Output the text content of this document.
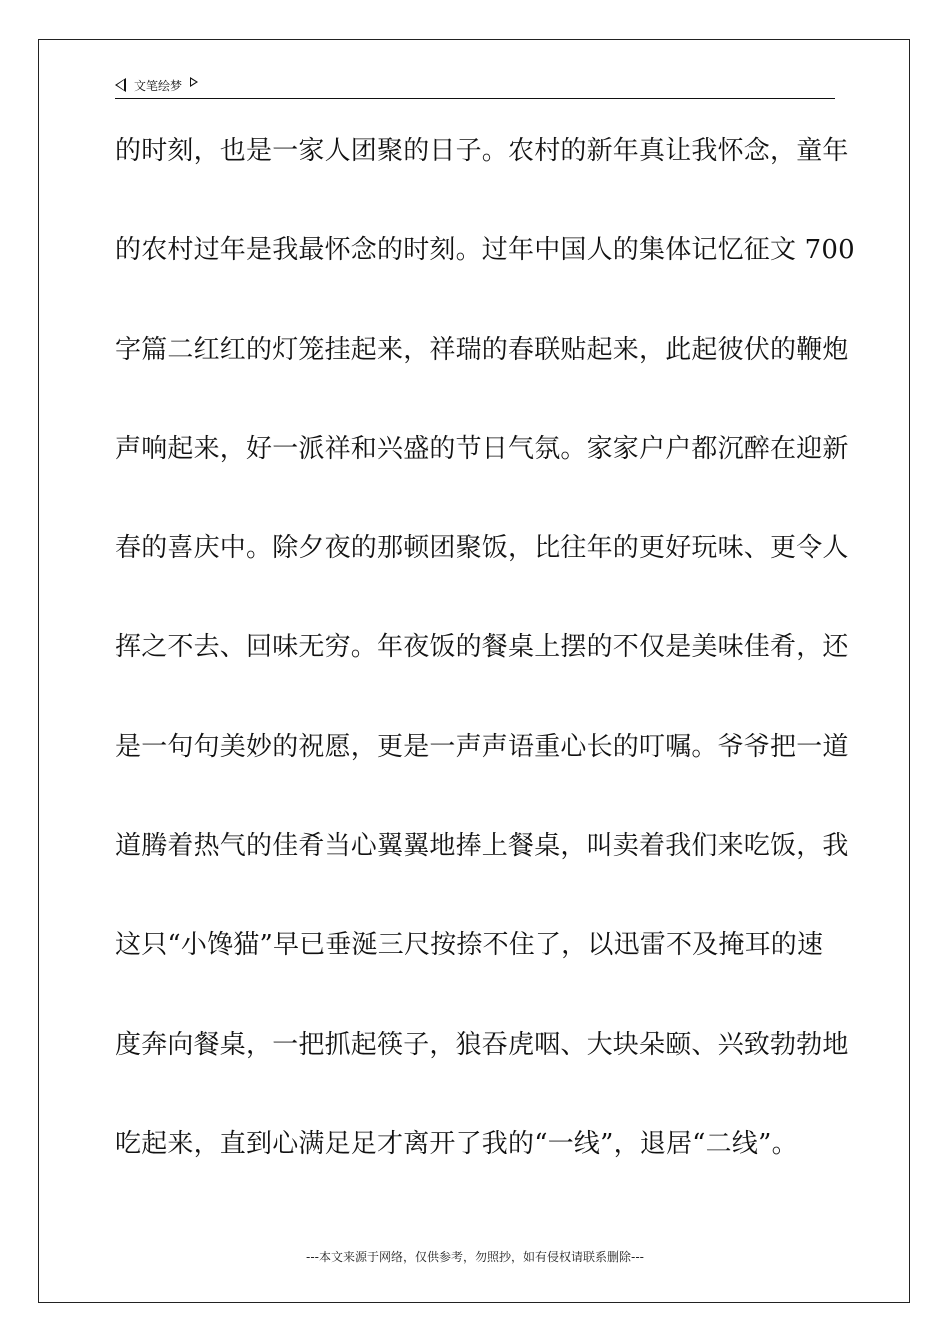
文笔绘梦
的时刻，也是一家人团聚的日子。农村的新年真让我怀念，童年
的农村过年是我最怀念的时刻。过年中国人的集体记忆征文 700
字篇二红红的灯笼挂起来，祥瑞的春联贴起来，此起彼伏的鞭炮
声响起来，好一派祥和兴盛的节日气氛。家家户户都沉醉在迎新
春的喜庆中。除夕夜的那顿团聚饭，比往年的更好玩味、更令人
挥之不去、回味无穷。年夜饭的餐桌上摆的不仅是美味佳肴，还
是一句句美妙的祝愿，更是一声声语重心长的叮嘱。爷爷把一道
道腾着热气的佳肴当心翼翼地捧上餐桌，叫卖着我们来吃饭，我
这只“小馋猫”早已垂涎三尺按捺不住了，以迅雷不及掩耳的速
度奔向餐桌，一把抓起筷子，狼吞虎咽、大块朵颐、兴致勃勃地
吃起来，直到心满足足才离开了我的“一线”，退居“二线”。
---本文来源于网络，仅供参考，勿照抄，如有侵权请联系删除---
